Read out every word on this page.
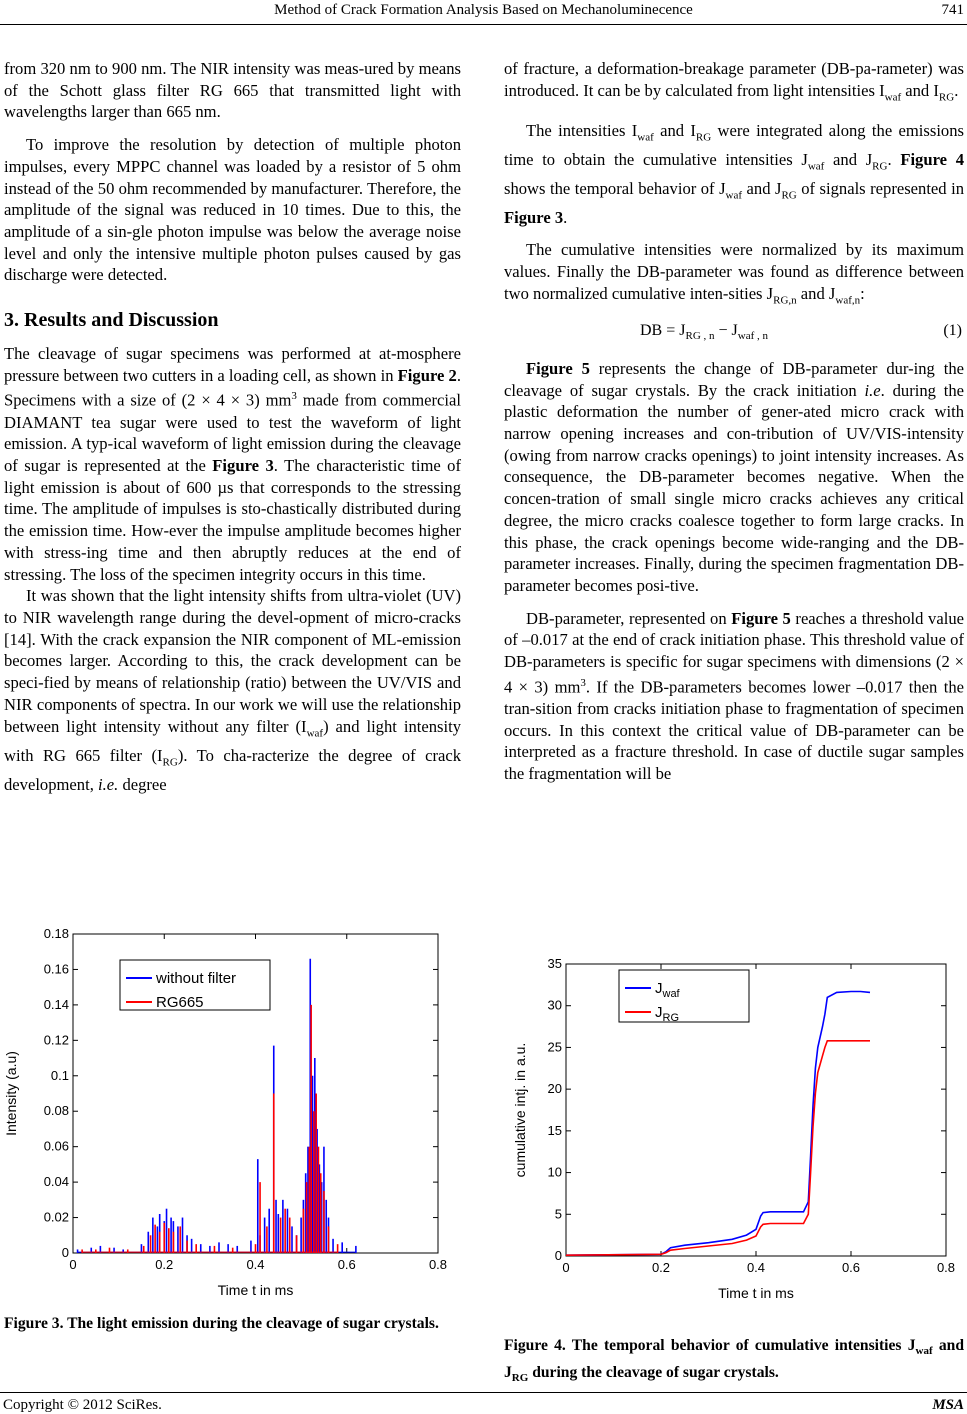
Method of Crack Formation Analysis Based on Mechanoluminecence	741

from 320 nm to 900 nm. The NIR intensity was meas-ured by means of the Schott glass filter RG 665 that transmitted light with wavelengths larger than 665 nm.

To improve the resolution by detection of multiple photon impulses, every MPPC channel was loaded by a resistor of 5 ohm instead of the 50 ohm recommended by manufacturer. Therefore, the amplitude of the signal was reduced in 10 times. Due to this, the amplitude of a sin-gle photon impulse was below the average noise level and only the intensive multiple photon pulses caused by gas discharge were detected.

3. Results and Discussion

The cleavage of sugar specimens was performed at at-mosphere pressure between two cutters in a loading cell, as shown in Figure 2. Specimens with a size of (2 × 4 × 3) $mm^3$ made from commercial DIAMANT tea sugar were used to test the waveform of light emission. A typ-ical waveform of light emission during the cleavage of sugar is represented at the Figure 3. The characteristic time of light emission is about of 600 µs that corresponds to the stressing time. The amplitude of impulses is sto-chastically distributed during the emission time. How-ever the impulse amplitude becomes higher with stress-ing time and then abruptly reduces at the end of stressing. The loss of the specimen integrity occurs in this time.

It was shown that the light intensity shifts from ultra-violet (UV) to NIR wavelength range during the devel-opment of micro-cracks [14]. With the crack expansion the NIR component of ML-emission becomes larger. According to this, the crack development can be speci-fied by means of relationship (ratio) between the UV/VIS and NIR components of spectra. In our work we will use the relationship between light intensity without any filter $(I_{waf})$ and light intensity with RG 665 filter $(I_{RG})$. To cha-racterize the degree of crack development, i.e. degree

of fracture, a deformation-breakage parameter (DB-pa-rameter) was introduced. It can be by calculated from light intensities $I_{waf}$ and $I_{RG}$.

The intensities $I_{waf}$ and $I_{RG}$ were integrated along the emissions time to obtain the cumulative intensities $J_{waf}$ and $J_{RG}$. Figure 4 shows the temporal behavior of $J_{waf}$ and $J_{RG}$ of signals represented in Figure 3.

The cumulative intensities were normalized by its maximum values. Finally the DB-parameter was found as difference between two normalized cumulative inten-sities $J_{RG,n}$ and $J_{waf,n}$:

DB = $J_{RG , n} - J_{waf , n}$	(1)

Figure 5 represents the change of DB-parameter dur-ing the cleavage of sugar crystals. By the crack initiation i.e. during the plastic deformation the number of gener-ated micro crack with narrow opening increases and con-tribution of UV/VIS-intensity (owing from narrow cracks openings) to joint intensity increases. As consequence, the DB-parameter becomes negative. When the concen-tration of small single micro cracks achieves any critical degree, the micro cracks coalesce together to form large cracks. In this phase, the crack openings become wide-ranging and the DB-parameter increases. Finally, during the specimen fragmentation DB-parameter becomes posi-tive.

DB-parameter, represented on Figure 5 reaches a threshold value of –0.017 at the end of crack initiation phase. This threshold value of DB-parameters is specific for sugar specimens with dimensions (2 × 4 × 3) $mm^3$. If the DB-parameters becomes lower –0.017 then the tran-sition from cracks initiation phase to fragmentation of specimen occurs. In this context the critical value of DB-parameter can be interpreted as a fracture threshold. In case of ductile sugar samples the fragmentation will be

0	0.2	0.4	0.6	0.8
0
0.02
0.04
0.06
0.08
0.1
0.12
0.14
0.16
0.18
Time t in ms
Intensity (a.u)
without filter
RG665
Figure 3. The light emission during the cleavage of sugar crystals.
0	0.2	0.4	0.6	0.8
0
5
10
15
20
25
30
35
Time t in ms
cumulative intj. in a.u.
$J_{waf}$
$J_{RG}$
Figure 4. The temporal behavior of cumulative intensities $J_{waf}$ and $J_{RG}$ during the cleavage of sugar crystals.
Copyright © 2012 SciRes.	MSA
